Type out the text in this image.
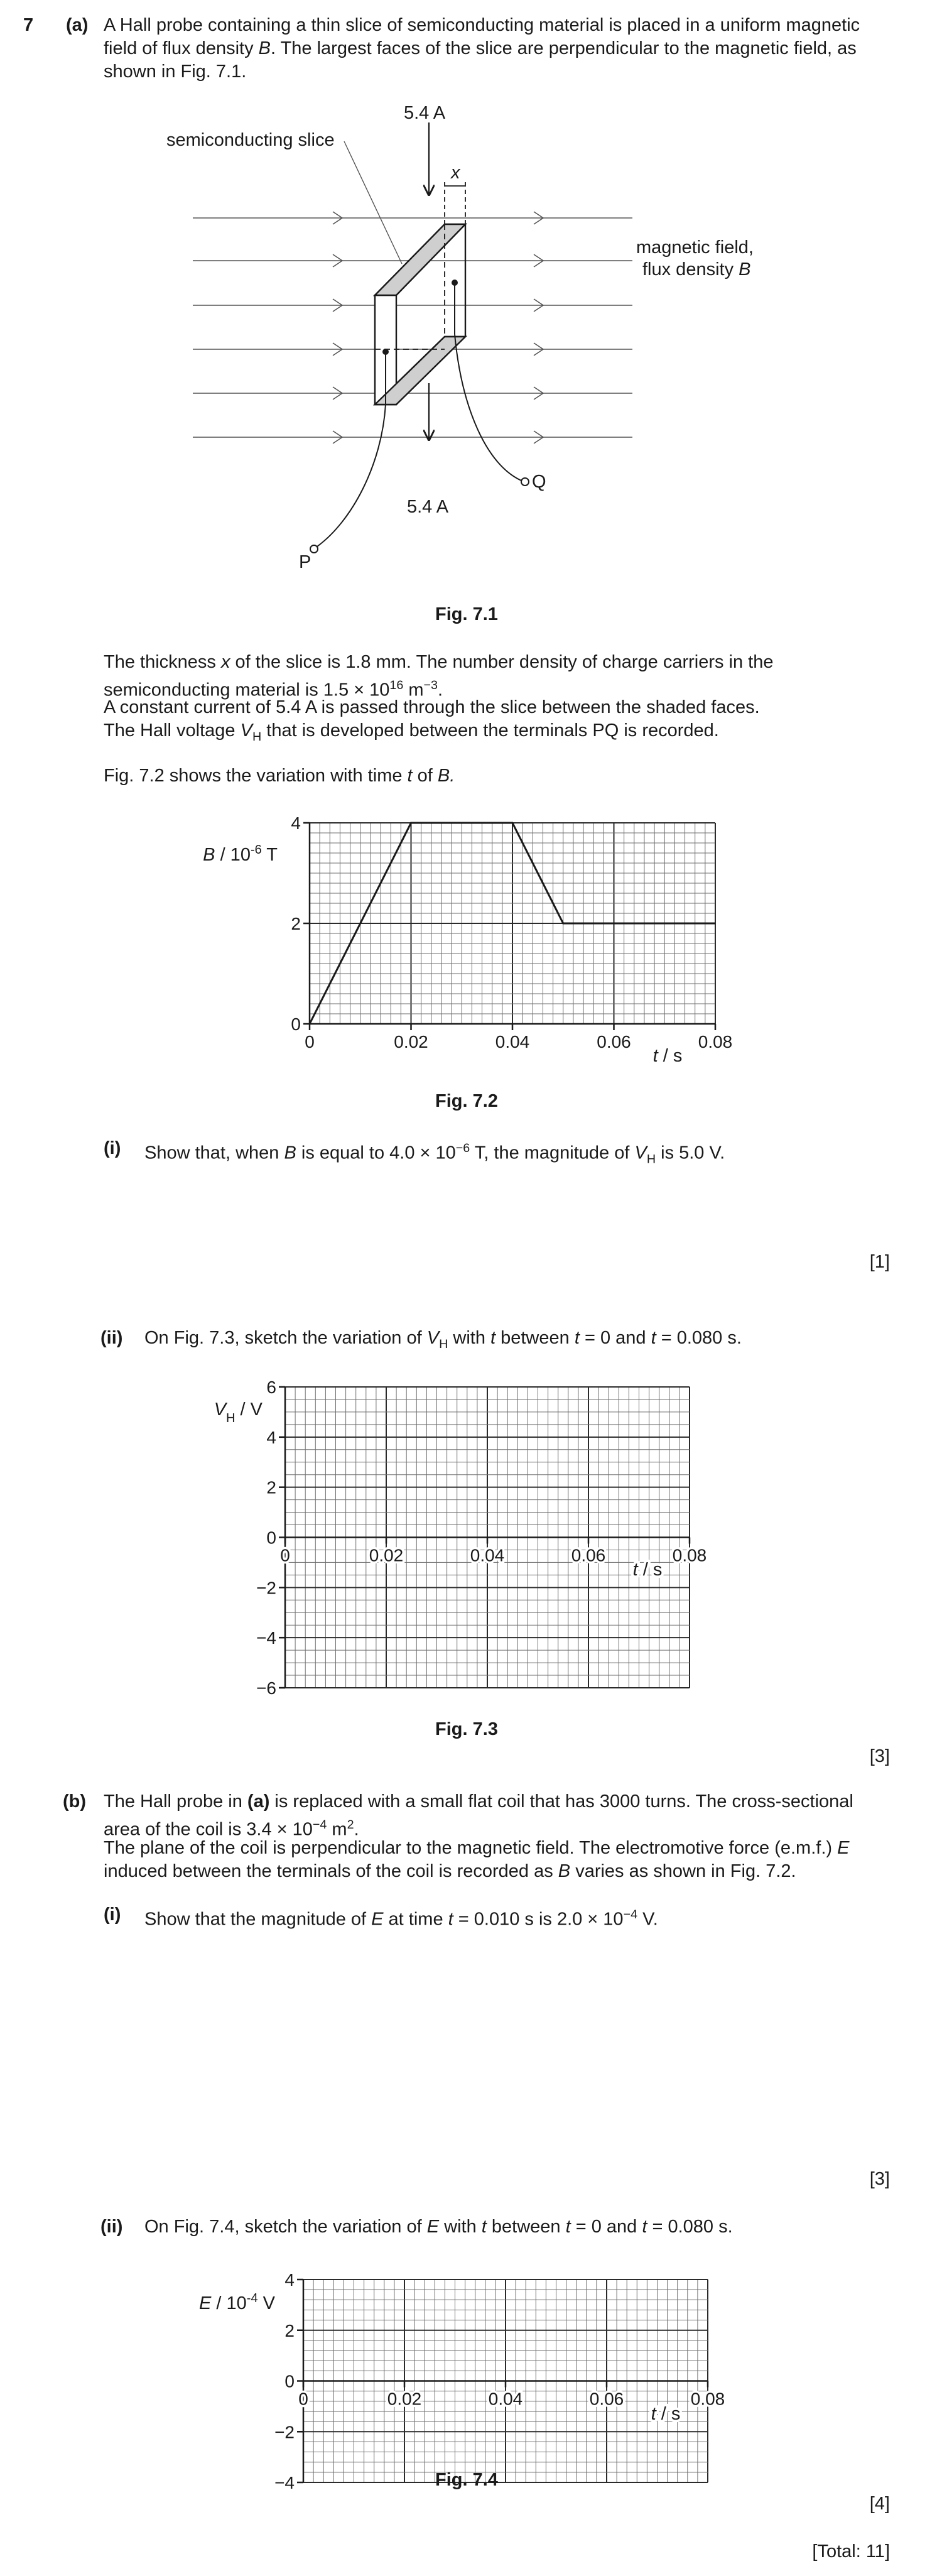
7 (a) A Hall probe containing a thin slice of semiconducting material is placed in a uniform magnetic field of flux density B. The largest faces of the slice are perpendicular to the magnetic field, as shown in Fig. 7.1.
5.4 A
semiconducting slice
x
magnetic field,
flux density B
Q
5.4 A
P
Fig. 7.1
The thickness x of the slice is 1.8 mm. The number density of charge carriers in the semiconducting material is $1.5 \times 10^{16}$ $m^{-3}$.
A constant current of 5.4 A is passed through the slice between the shaded faces.
The Hall voltage $V_H$ that is developed between the terminals PQ is recorded.
Fig. 7.2 shows the variation with time t of B.
0
2
4
0	0.02	0.04	0.06	0.08
B / $10^{-6}$ T
t / s
Fig. 7.2
(i) Show that, when B is equal to $4.0 \times 10^{-6}$ T, the magnitude of $V_H$ is 5.0 V.
[1]
(ii) On Fig. 7.3, sketch the variation of $V_H$ with t between t = 0 and t = 0.080 s.
−6
−4
−2
0
2
4
6
0	0.02	0.04	0.06	0.08
$V_H$ / V
t / s
Fig. 7.3
[3]
(b) The Hall probe in (a) is replaced with a small flat coil that has 3000 turns. The cross-sectional area of the coil is $3.4 \times 10^{-4}$ $m^2$.
The plane of the coil is perpendicular to the magnetic field. The electromotive force (e.m.f.) E induced between the terminals of the coil is recorded as B varies as shown in Fig. 7.2.
(i) Show that the magnitude of E at time t = 0.010 s is $2.0 \times 10^{-4}$ V.
[3]
(ii) On Fig. 7.4, sketch the variation of E with t between t = 0 and t = 0.080 s.
−4
−2
0
2
4
0	0.02	0.04	0.06	0.08
E / $10^{-4}$ V
t / s
Fig. 7.4
[4]
[Total: 11]
